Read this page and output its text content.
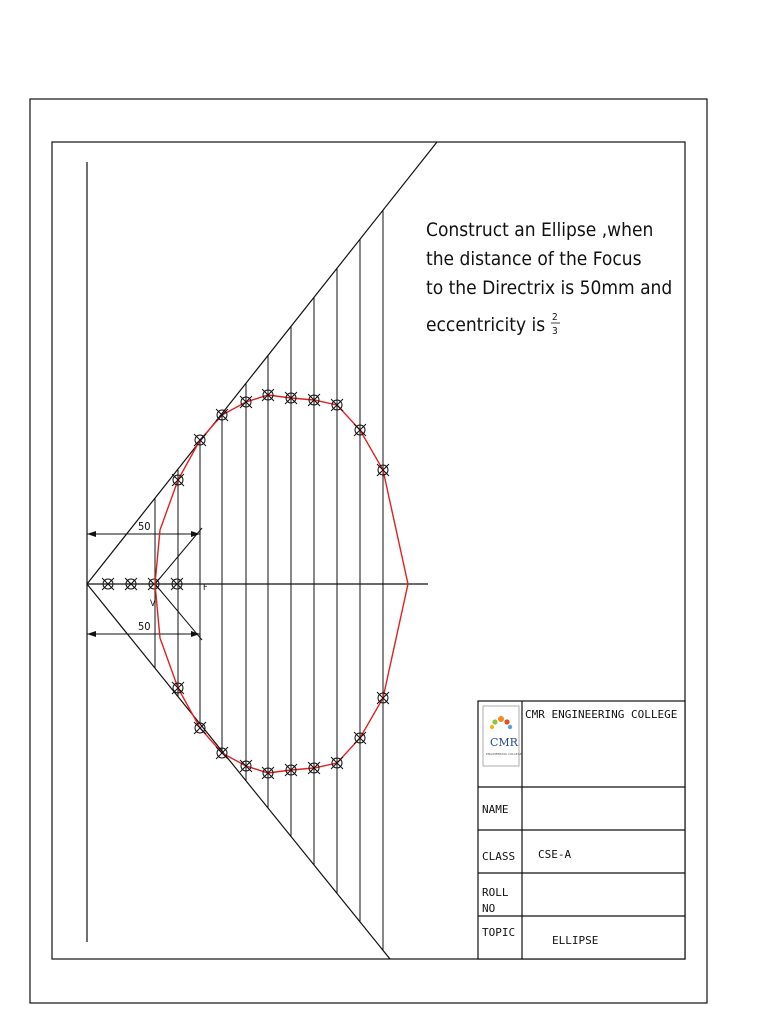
50
50
F
V
Construct an Ellipse ,when
the distance of the Focus
to the Directrix is 50mm and
eccentricity is 2
3
CMR
ENGINEERING COLLEGE
CMR ENGINEERING COLLEGE
NAME
CLASS CSE-A
ROLL
NO
TOPIC
ELLIPSE
